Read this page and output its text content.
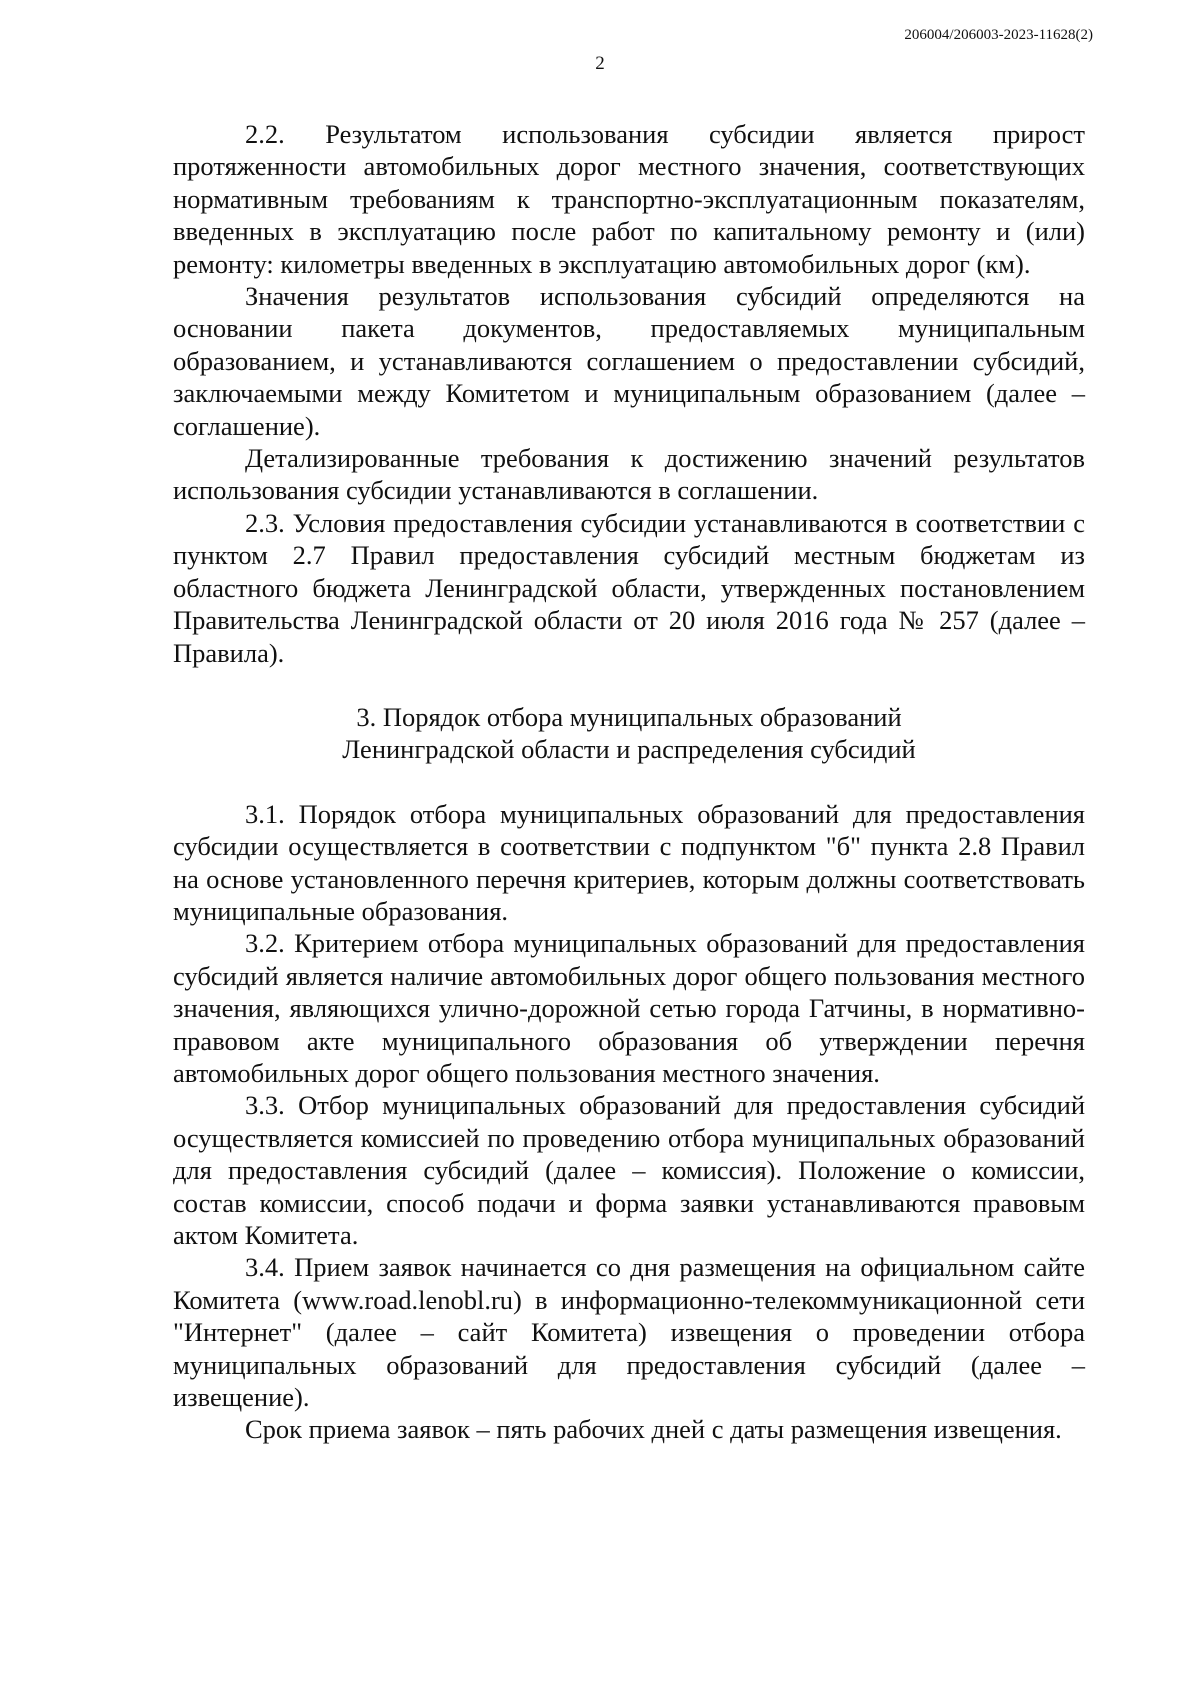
206004/206003-2023-11628(2)
2

2.2. Результатом использования субсидии является прирост протяженности автомобильных дорог местного значения, соответствующих нормативным требованиям к транспортно-эксплуатационным показателям, введенных в эксплуатацию после работ по капитальному ремонту и (или) ремонту: километры введенных в эксплуатацию автомобильных дорог (км).

Значения результатов использования субсидий определяются на основании пакета документов, предоставляемых муниципальным образованием, и устанавливаются соглашением о предоставлении субсидий, заключаемыми между Комитетом и муниципальным образованием (далее – соглашение).

Детализированные требования к достижению значений результатов использования субсидии устанавливаются в соглашении.

2.3. Условия предоставления субсидии устанавливаются в соответствии с пунктом 2.7 Правил предоставления субсидий местным бюджетам из областного бюджета Ленинградской области, утвержденных постановлением Правительства Ленинградской области от 20 июля 2016 года № 257 (далее – Правила).

3. Порядок отбора муниципальных образований
Ленинградской области и распределения субсидий

3.1. Порядок отбора муниципальных образований для предоставления субсидии осуществляется в соответствии с подпунктом "б" пункта 2.8 Правил на основе установленного перечня критериев, которым должны соответствовать муниципальные образования.

3.2. Критерием отбора муниципальных образований для предоставления субсидий является наличие автомобильных дорог общего пользования местного значения, являющихся улично-дорожной сетью города Гатчины, в нормативно-правовом акте муниципального образования об утверждении перечня автомобильных дорог общего пользования местного значения.

3.3. Отбор муниципальных образований для предоставления субсидий осуществляется комиссией по проведению отбора муниципальных образований для предоставления субсидий (далее – комиссия). Положение о комиссии, состав комиссии, способ подачи и форма заявки устанавливаются правовым актом Комитета.

3.4. Прием заявок начинается со дня размещения на официальном сайте Комитета (www.road.lenobl.ru) в информационно-телекоммуникационной сети "Интернет" (далее – сайт Комитета) извещения о проведении отбора муниципальных образований для предоставления субсидий (далее – извещение).

Срок приема заявок – пять рабочих дней с даты размещения извещения.
